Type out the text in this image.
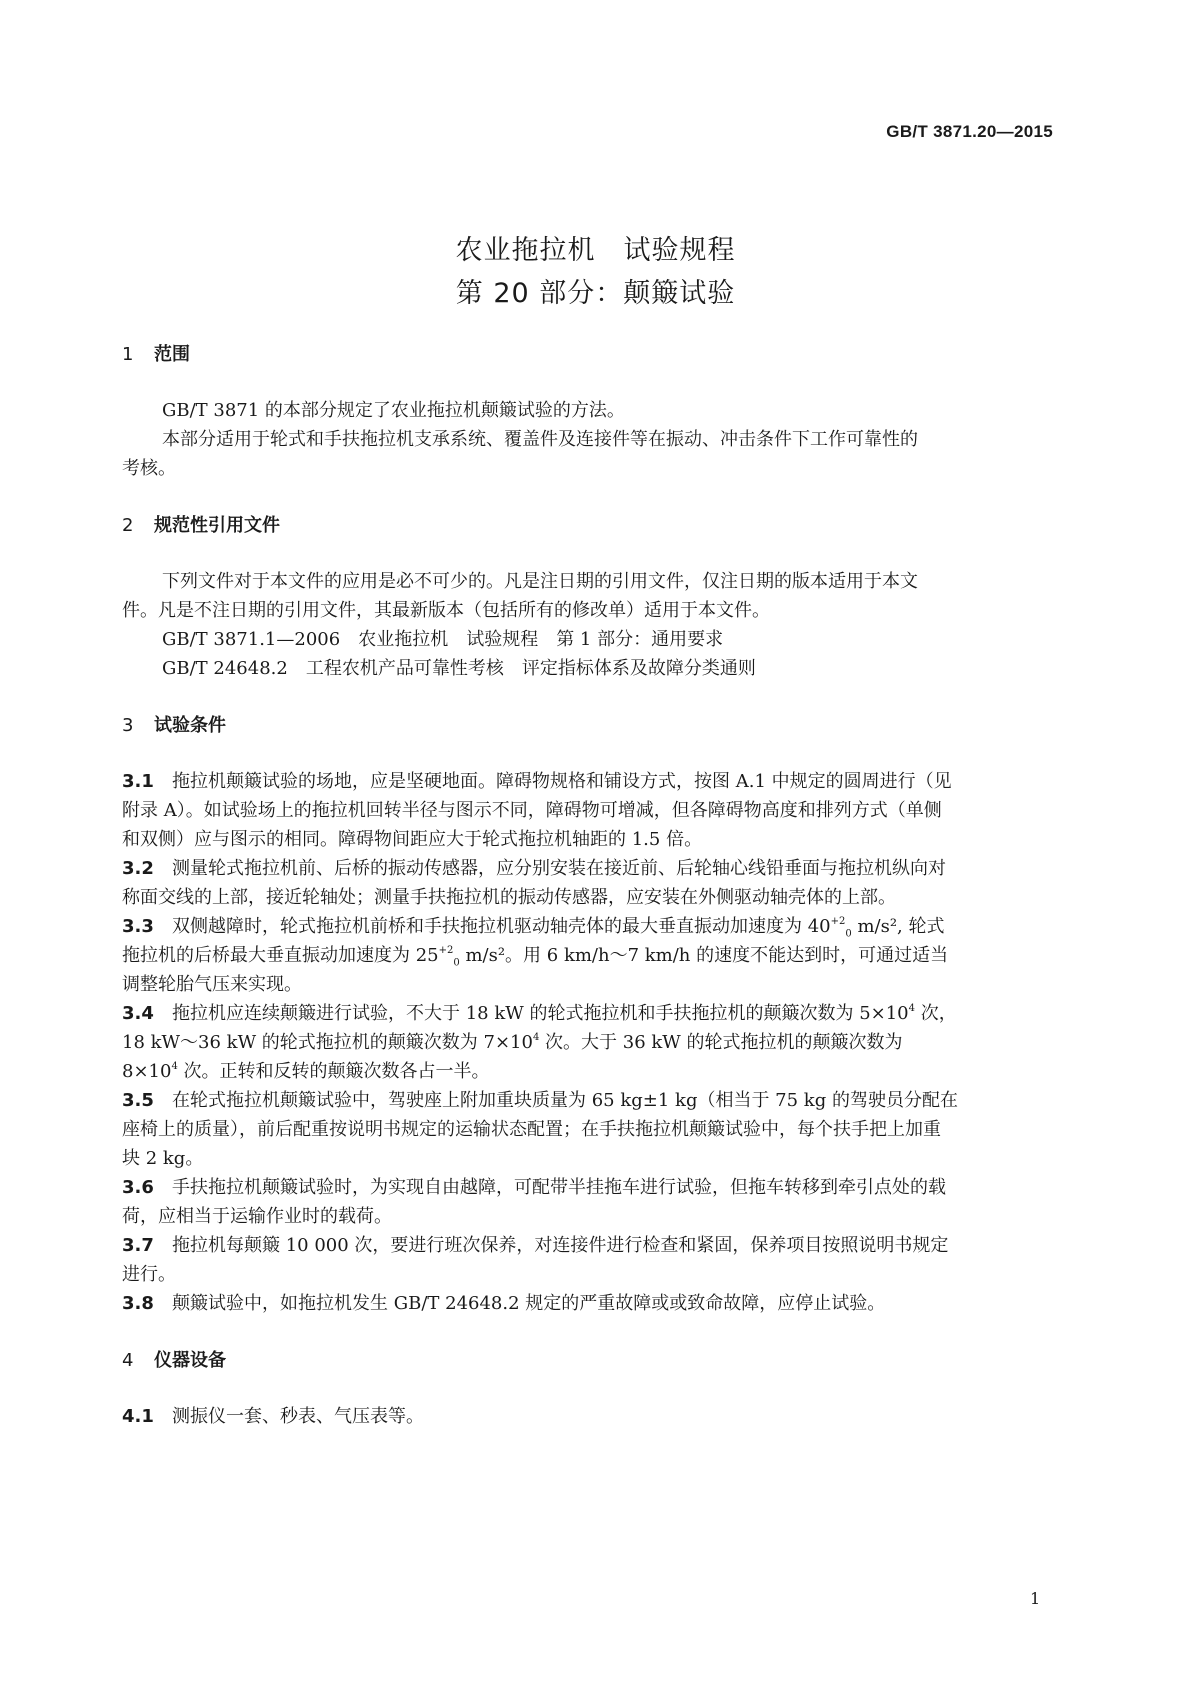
GB/T 3871.20—2015
农业拖拉机　试验规程
第 20 部分：颠簸试验
1 范围
GB/T 3871 的本部分规定了农业拖拉机颠簸试验的方法。
本部分适用于轮式和手扶拖拉机支承系统、覆盖件及连接件等在振动、冲击条件下工作可靠性的
考核。
2 规范性引用文件
下列文件对于本文件的应用是必不可少的。凡是注日期的引用文件，仅注日期的版本适用于本文
件。凡是不注日期的引用文件，其最新版本（包括所有的修改单）适用于本文件。
GB/T 3871.1—2006　农业拖拉机　试验规程　第 1 部分：通用要求
GB/T 24648.2　工程农机产品可靠性考核　评定指标体系及故障分类通则
3 试验条件
3.1 拖拉机颠簸试验的场地，应是坚硬地面。障碍物规格和铺设方式，按图 A.1 中规定的圆周进行（见
附录 A）。如试验场上的拖拉机回转半径与图示不同，障碍物可增减，但各障碍物高度和排列方式（单侧
和双侧）应与图示的相同。障碍物间距应大于轮式拖拉机轴距的 1.5 倍。
3.2 测量轮式拖拉机前、后桥的振动传感器，应分别安装在接近前、后轮轴心线铅垂面与拖拉机纵向对
称面交线的上部，接近轮轴处；测量手扶拖拉机的振动传感器，应安装在外侧驱动轴壳体的上部。
3.3 双侧越障时，轮式拖拉机前桥和手扶拖拉机驱动轴壳体的最大垂直振动加速度为 $40^{+2}_0$ m/s², 轮式
拖拉机的后桥最大垂直振动加速度为 $25^{+2}_0$ m/s²。用 6 km/h～7 km/h 的速度不能达到时，可通过适当
调整轮胎气压来实现。
3.4 拖拉机应连续颠簸进行试验，不大于 18 kW 的轮式拖拉机和手扶拖拉机的颠簸次数为 $5\times 10^4$ 次，
18 kW～36 kW 的轮式拖拉机的颠簸次数为 $7\times 10^4$ 次。大于 36 kW 的轮式拖拉机的颠簸次数为
$8\times 10^4$ 次。正转和反转的颠簸次数各占一半。
3.5 在轮式拖拉机颠簸试验中，驾驶座上附加重块质量为 65 kg±1 kg（相当于 75 kg 的驾驶员分配在
座椅上的质量），前后配重按说明书规定的运输状态配置；在手扶拖拉机颠簸试验中，每个扶手把上加重
块 2 kg。
3.6 手扶拖拉机颠簸试验时，为实现自由越障，可配带半挂拖车进行试验，但拖车转移到牵引点处的载
荷，应相当于运输作业时的载荷。
3.7 拖拉机每颠簸 10 000 次，要进行班次保养，对连接件进行检查和紧固，保养项目按照说明书规定
进行。
3.8 颠簸试验中，如拖拉机发生 GB/T 24648.2 规定的严重故障或或致命故障，应停止试验。
4 仪器设备
4.1 测振仪一套、秒表、气压表等。
1
